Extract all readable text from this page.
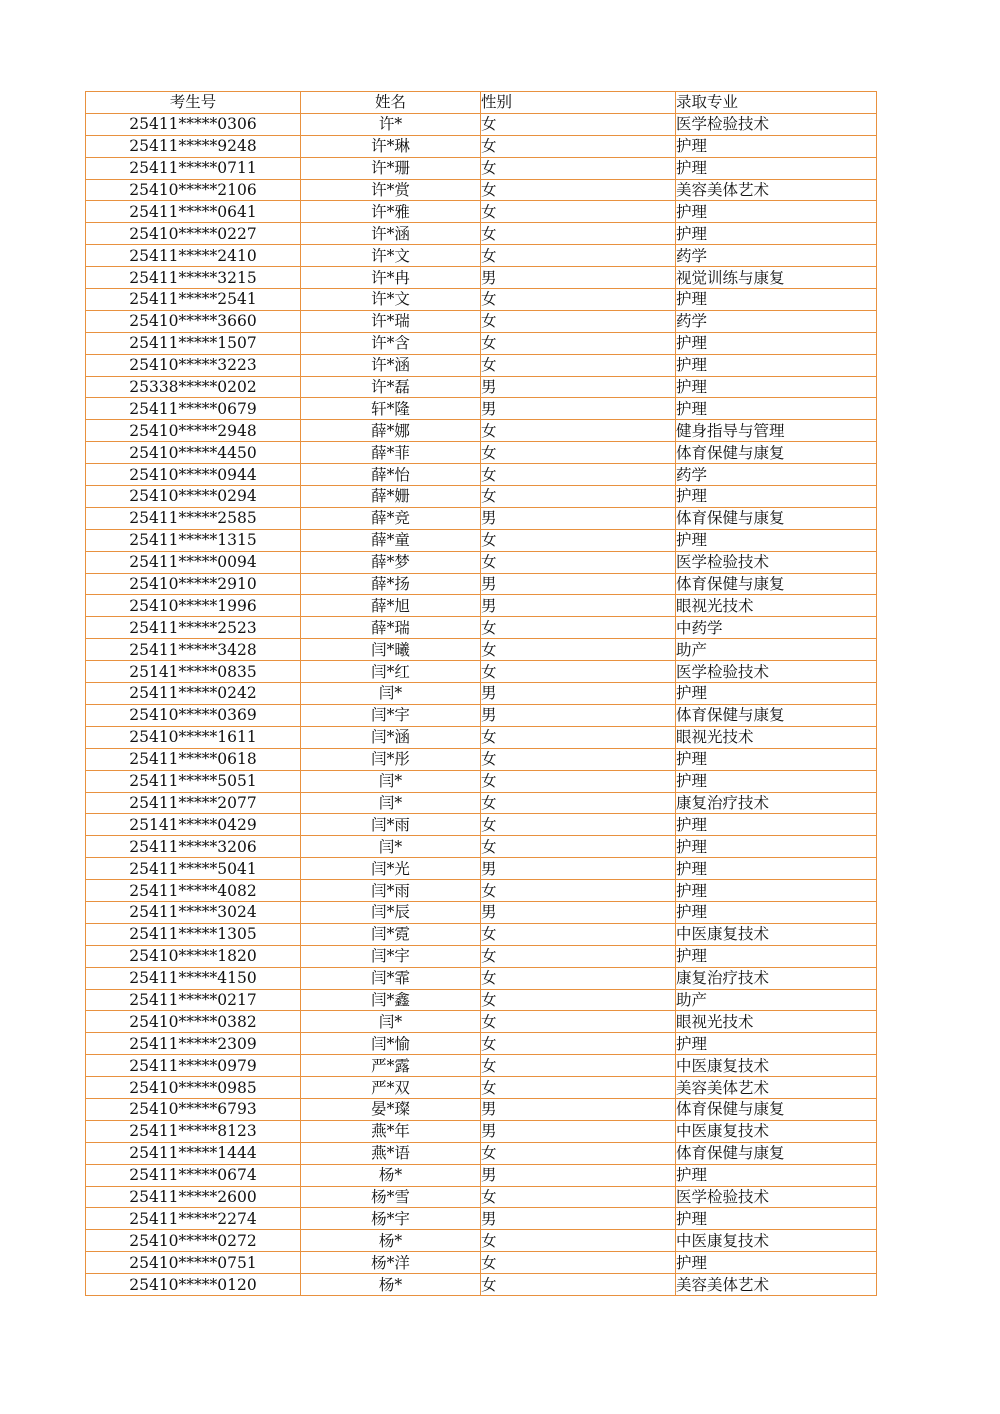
考生号	姓名	性别	录取专业
25411*****0306	许*	女	医学检验技术
25411*****9248	许*琳	女	护理
25411*****0711	许*珊	女	护理
25410*****2106	许*赏	女	美容美体艺术
25411*****0641	许*雅	女	护理
25410*****0227	许*涵	女	护理
25411*****2410	许*文	女	药学
25411*****3215	许*冉	男	视觉训练与康复
25411*****2541	许*文	女	护理
25410*****3660	许*瑞	女	药学
25411*****1507	许*含	女	护理
25410*****3223	许*涵	女	护理
25338*****0202	许*磊	男	护理
25411*****0679	轩*隆	男	护理
25410*****2948	薛*娜	女	健身指导与管理
25410*****4450	薛*菲	女	体育保健与康复
25410*****0944	薛*怡	女	药学
25410*****0294	薛*姗	女	护理
25411*****2585	薛*竞	男	体育保健与康复
25411*****1315	薛*童	女	护理
25411*****0094	薛*梦	女	医学检验技术
25410*****2910	薛*扬	男	体育保健与康复
25410*****1996	薛*旭	男	眼视光技术
25411*****2523	薛*瑞	女	中药学
25411*****3428	闫*曦	女	助产
25141*****0835	闫*红	女	医学检验技术
25411*****0242	闫*	男	护理
25410*****0369	闫*宇	男	体育保健与康复
25410*****1611	闫*涵	女	眼视光技术
25411*****0618	闫*彤	女	护理
25411*****5051	闫*	女	护理
25411*****2077	闫*	女	康复治疗技术
25141*****0429	闫*雨	女	护理
25411*****3206	闫*	女	护理
25411*****5041	闫*光	男	护理
25411*****4082	闫*雨	女	护理
25411*****3024	闫*辰	男	护理
25411*****1305	闫*霓	女	中医康复技术
25410*****1820	闫*宇	女	护理
25411*****4150	闫*霏	女	康复治疗技术
25411*****0217	闫*鑫	女	助产
25410*****0382	闫*	女	眼视光技术
25411*****2309	闫*愉	女	护理
25411*****0979	严*露	女	中医康复技术
25410*****0985	严*双	女	美容美体艺术
25410*****6793	晏*璨	男	体育保健与康复
25411*****8123	燕*年	男	中医康复技术
25411*****1444	燕*语	女	体育保健与康复
25411*****0674	杨*	男	护理
25411*****2600	杨*雪	女	医学检验技术
25411*****2274	杨*宇	男	护理
25410*****0272	杨*	女	中医康复技术
25410*****0751	杨*洋	女	护理
25410*****0120	杨*	女	美容美体艺术
